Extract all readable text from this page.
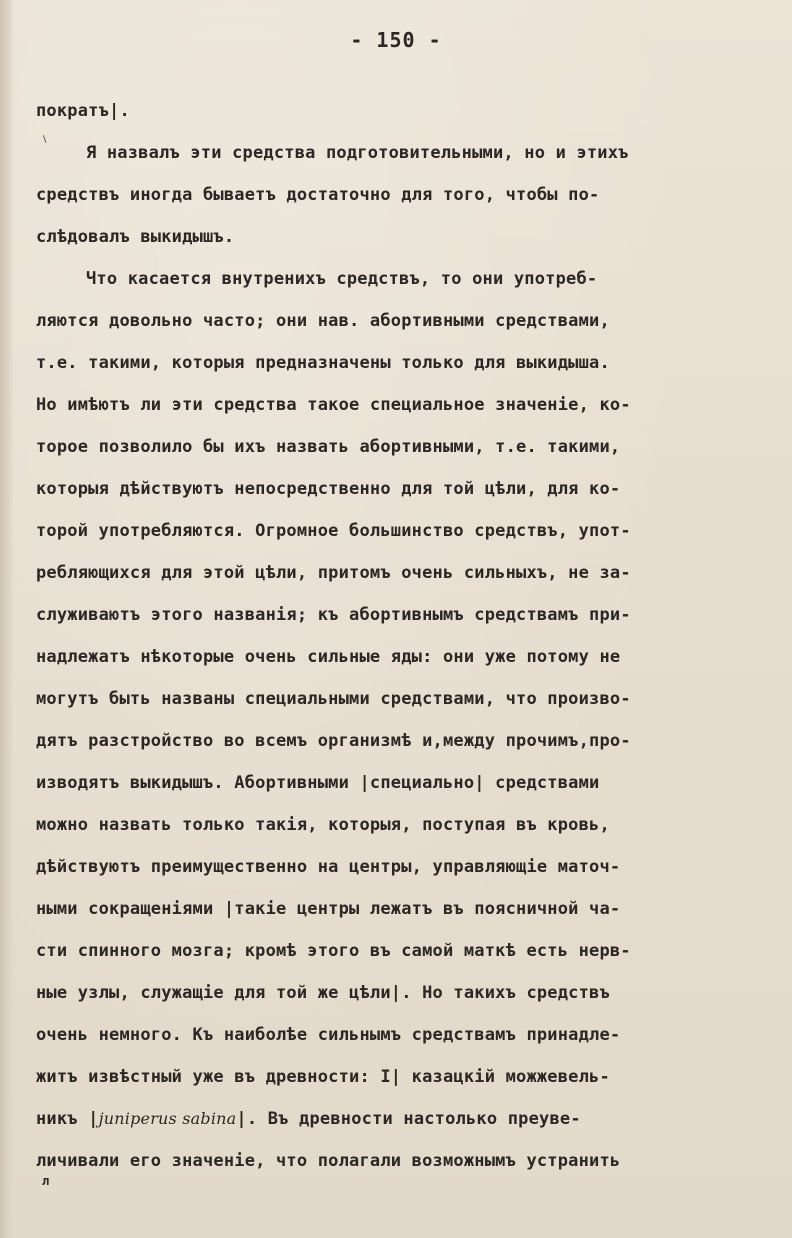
- 150 -
пократъ|.
Я назвалъ эти средства подготовительными, но и этихъ
средствъ иногда бываетъ достаточно для того, чтобы по-
слѣдовалъ выкидышъ.
Что касается внутренихъ средствъ, то они употреб-
ляются довольно часто; они нав. абортивными средствами,
т.е. такими, которыя предназначены только для выкидыша.
Но имѣютъ ли эти средства такое специальное значенiе, ко-
торое позволило бы ихъ назвать абортивными, т.е. такими,
которыя дѣйствуютъ непосредственно для той цѣли, для ко-
торой употребляются. Огромное большинство средствъ, упот-
ребляющихся для этой цѣли, притомъ очень сильныхъ, не за-
служиваютъ этого названiя; къ абортивнымъ средствамъ при-
надлежатъ нѣкоторые очень сильные яды: они уже потому не
могутъ быть названы специальными средствами, что произво-
дятъ разстройство во всемъ организмѣ и,между прочимъ,про-
изводятъ выкидышъ. Абортивными |специально| средствами
можно назвать только такiя, которыя, поступая въ кровь,
дѣйствуютъ преимущественно на центры, управляющiе маточ-
ными сокращенiями |такiе центры лежатъ въ поясничной ча-
сти спинного мозга; кромѣ этого въ самой маткѣ есть нерв-
ные узлы, служащiе для той же цѣли|. Но такихъ средствъ
очень немного. Къ наиболѣе сильнымъ средствамъ принадле-
житъ извѣстный уже въ древности: I| казацкiй можжевель-
никъ |juniperus sabina|. Въ древности настолько преуве-
личивали его значенiе, что полагали возможнымъ устранить
л
